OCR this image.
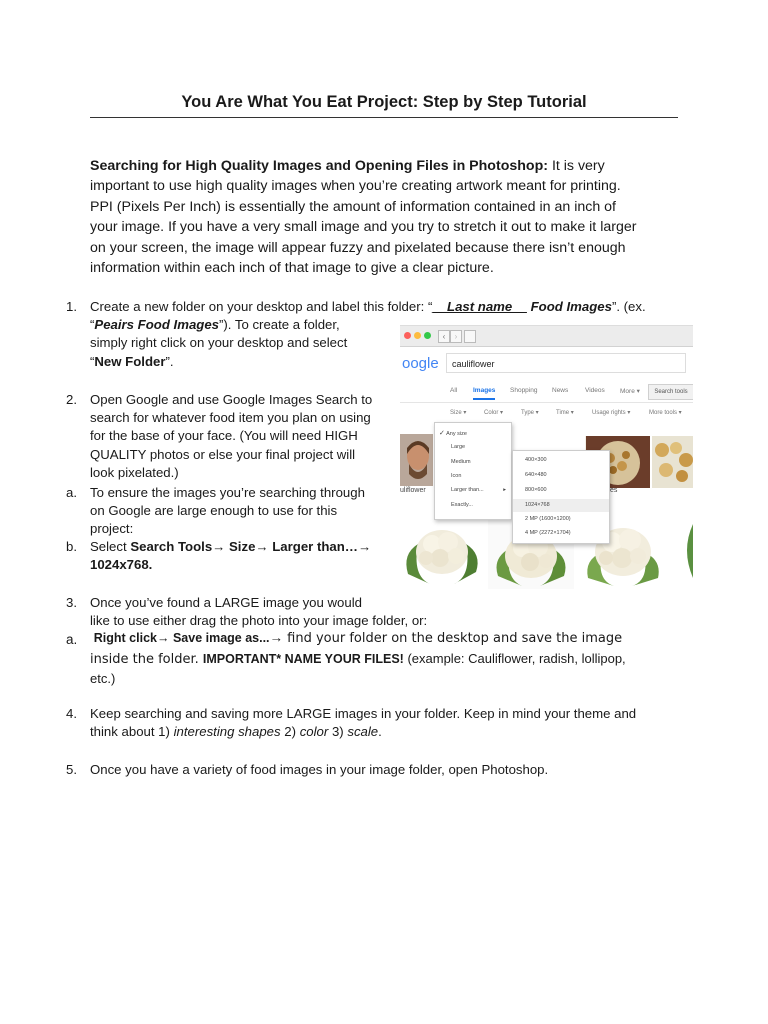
You Are What You Eat Project: Step by Step Tutorial
Searching for High Quality Images and Opening Files in Photoshop: It is very
important to use high quality images when you’re creating artwork meant for printing.
PPI (Pixels Per Inch) is essentially the amount of information contained in an inch of
your image. If you have a very small image and you try to stretch it out to make it larger
on your screen, the image will appear fuzzy and pixelated because there isn’t enough
information within each inch of that image to give a clear picture.
1. Create a new folder on your desktop and label this folder: “__Last name__ Food Images”. (ex.
“Peairs Food Images”). To create a folder,
simply right click on your desktop and select
“New Folder”.
2. Open Google and use Google Images Search to
search for whatever food item you plan on using
for the base of your face. (You will need HIGH
QUALITY photos or else your final project will
look pixelated.)
a. To ensure the images you’re searching through
on Google are large enough to use for this
project:
b. Select Search Tools→ Size→ Larger than…→
1024x768.
3. Once you’ve found a LARGE image you would
like to use either drag the photo into your image folder, or:
a.	Right click→ Save image as...→ find your folder on the desktop and save the image
inside the folder. IMPORTANT* NAME YOUR FILES! (example: Cauliflower, radish, lollipop,
etc.)
4. Keep searching and saving more LARGE images in your folder. Keep in mind your theme and
think about 1) interesting shapes 2) color 3) scale.
5. Once you have a variety of food images in your image folder, open Photoshop.
‹	›
oogle	cauliflower
All Images Shopping News	Videos More ▾	Search tools
Size ▾	Color ▾	Type ▾	Time ▾	Usage rights ▾	More tools ▾
uliflower	es
✓ Any size
Large
Medium
Icon
Larger than...	▸
Exactly...
400×300
640×480
800×600
1024×768
2 MP (1600×1200)
4 MP (2272×1704)
